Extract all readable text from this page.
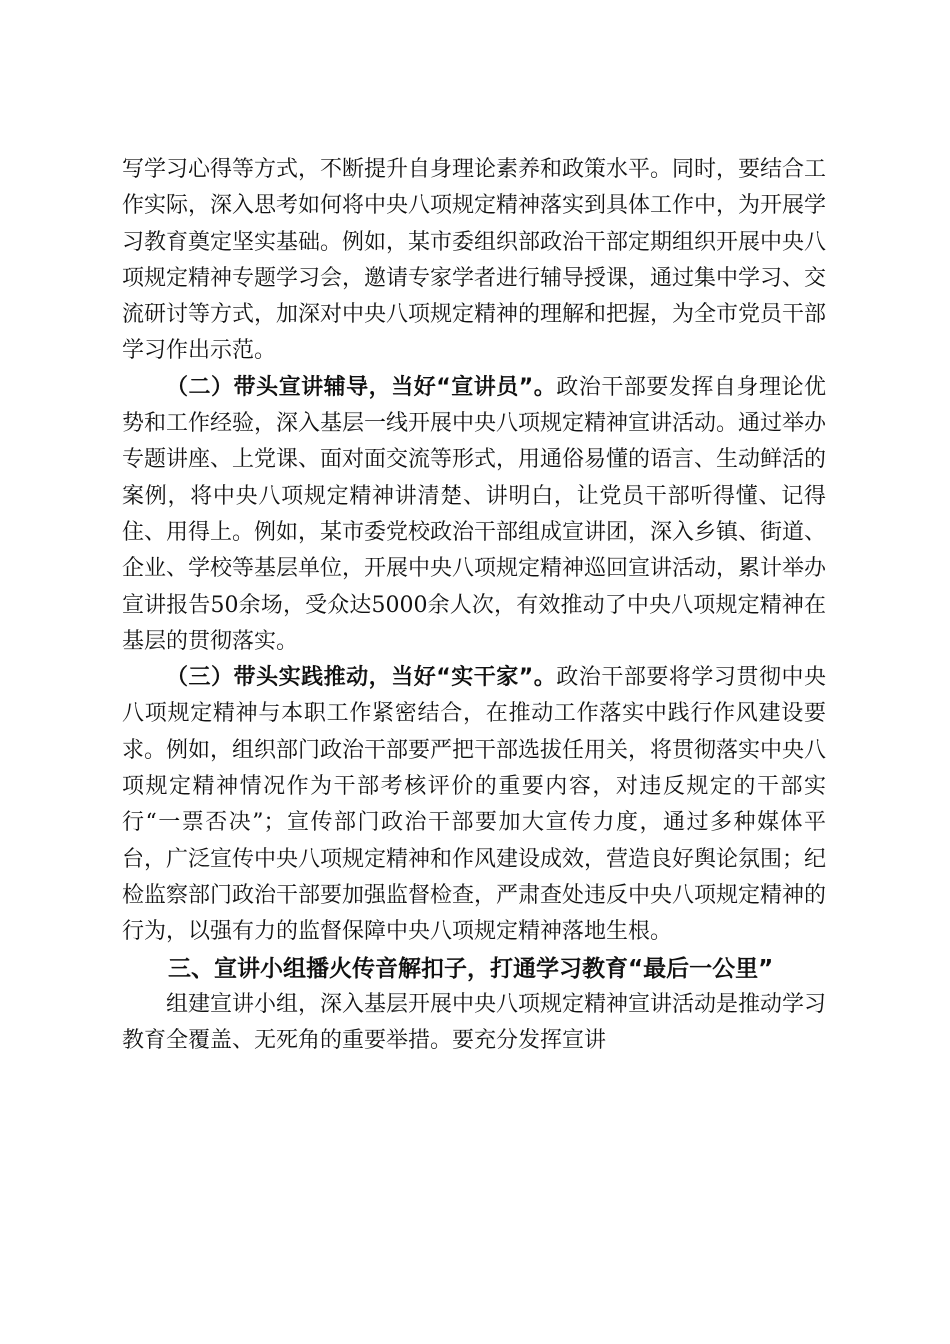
写学习心得等方式，不断提升自身理论素养和政策水平。同时，要结合工作实际，深入思考如何将中央八项规定精神落实到具体工作中，为开展学习教育奠定坚实基础。例如，某市委组织部政治干部定期组织开展中央八项规定精神专题学习会，邀请专家学者进行辅导授课，通过集中学习、交流研讨等方式，加深对中央八项规定精神的理解和把握，为全市党员干部学习作出示范。

（二）带头宣讲辅导，当好“宣讲员”。政治干部要发挥自身理论优势和工作经验，深入基层一线开展中央八项规定精神宣讲活动。通过举办专题讲座、上党课、面对面交流等形式，用通俗易懂的语言、生动鲜活的案例，将中央八项规定精神讲清楚、讲明白，让党员干部听得懂、记得住、用得上。例如，某市委党校政治干部组成宣讲团，深入乡镇、街道、企业、学校等基层单位，开展中央八项规定精神巡回宣讲活动，累计举办宣讲报告50余场，受众达5000余人次，有效推动了中央八项规定精神在基层的贯彻落实。

（三）带头实践推动，当好“实干家”。政治干部要将学习贯彻中央八项规定精神与本职工作紧密结合，在推动工作落实中践行作风建设要求。例如，组织部门政治干部要严把干部选拔任用关，将贯彻落实中央八项规定精神情况作为干部考核评价的重要内容，对违反规定的干部实行“一票否决”；宣传部门政治干部要加大宣传力度，通过多种媒体平台，广泛宣传中央八项规定精神和作风建设成效，营造良好舆论氛围；纪检监察部门政治干部要加强监督检查，严肃查处违反中央八项规定精神的行为，以强有力的监督保障中央八项规定精神落地生根。

三、宣讲小组播火传音解扣子，打通学习教育“最后一公里”

组建宣讲小组，深入基层开展中央八项规定精神宣讲活动是推动学习教育全覆盖、无死角的重要举措。要充分发挥宣讲
